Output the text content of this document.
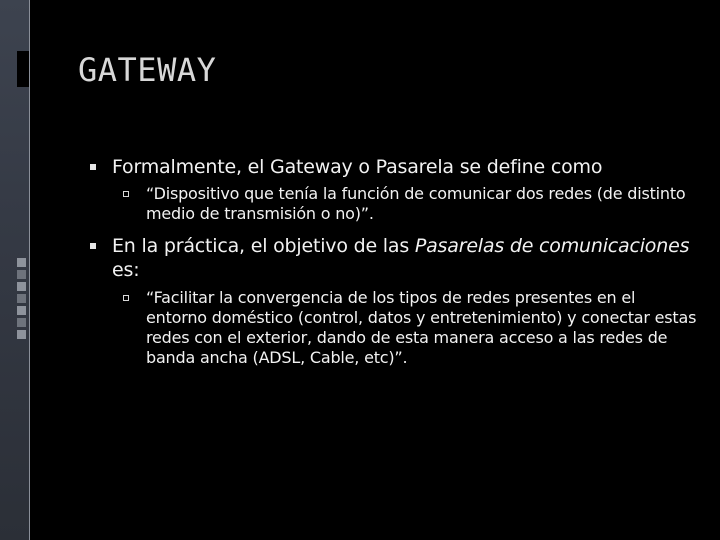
GATEWAY
Formalmente, el Gateway o Pasarela se define como
“Dispositivo que tenía la función de comunicar dos redes (de distinto medio de transmisión o no)”.
En la práctica, el objetivo de las Pasarelas de comunicaciones es:
“Facilitar la convergencia de los tipos de redes presentes en el entorno doméstico (control, datos y entretenimiento) y conectar estas redes con el exterior, dando de esta manera acceso a las redes de banda ancha (ADSL, Cable, etc)”.
